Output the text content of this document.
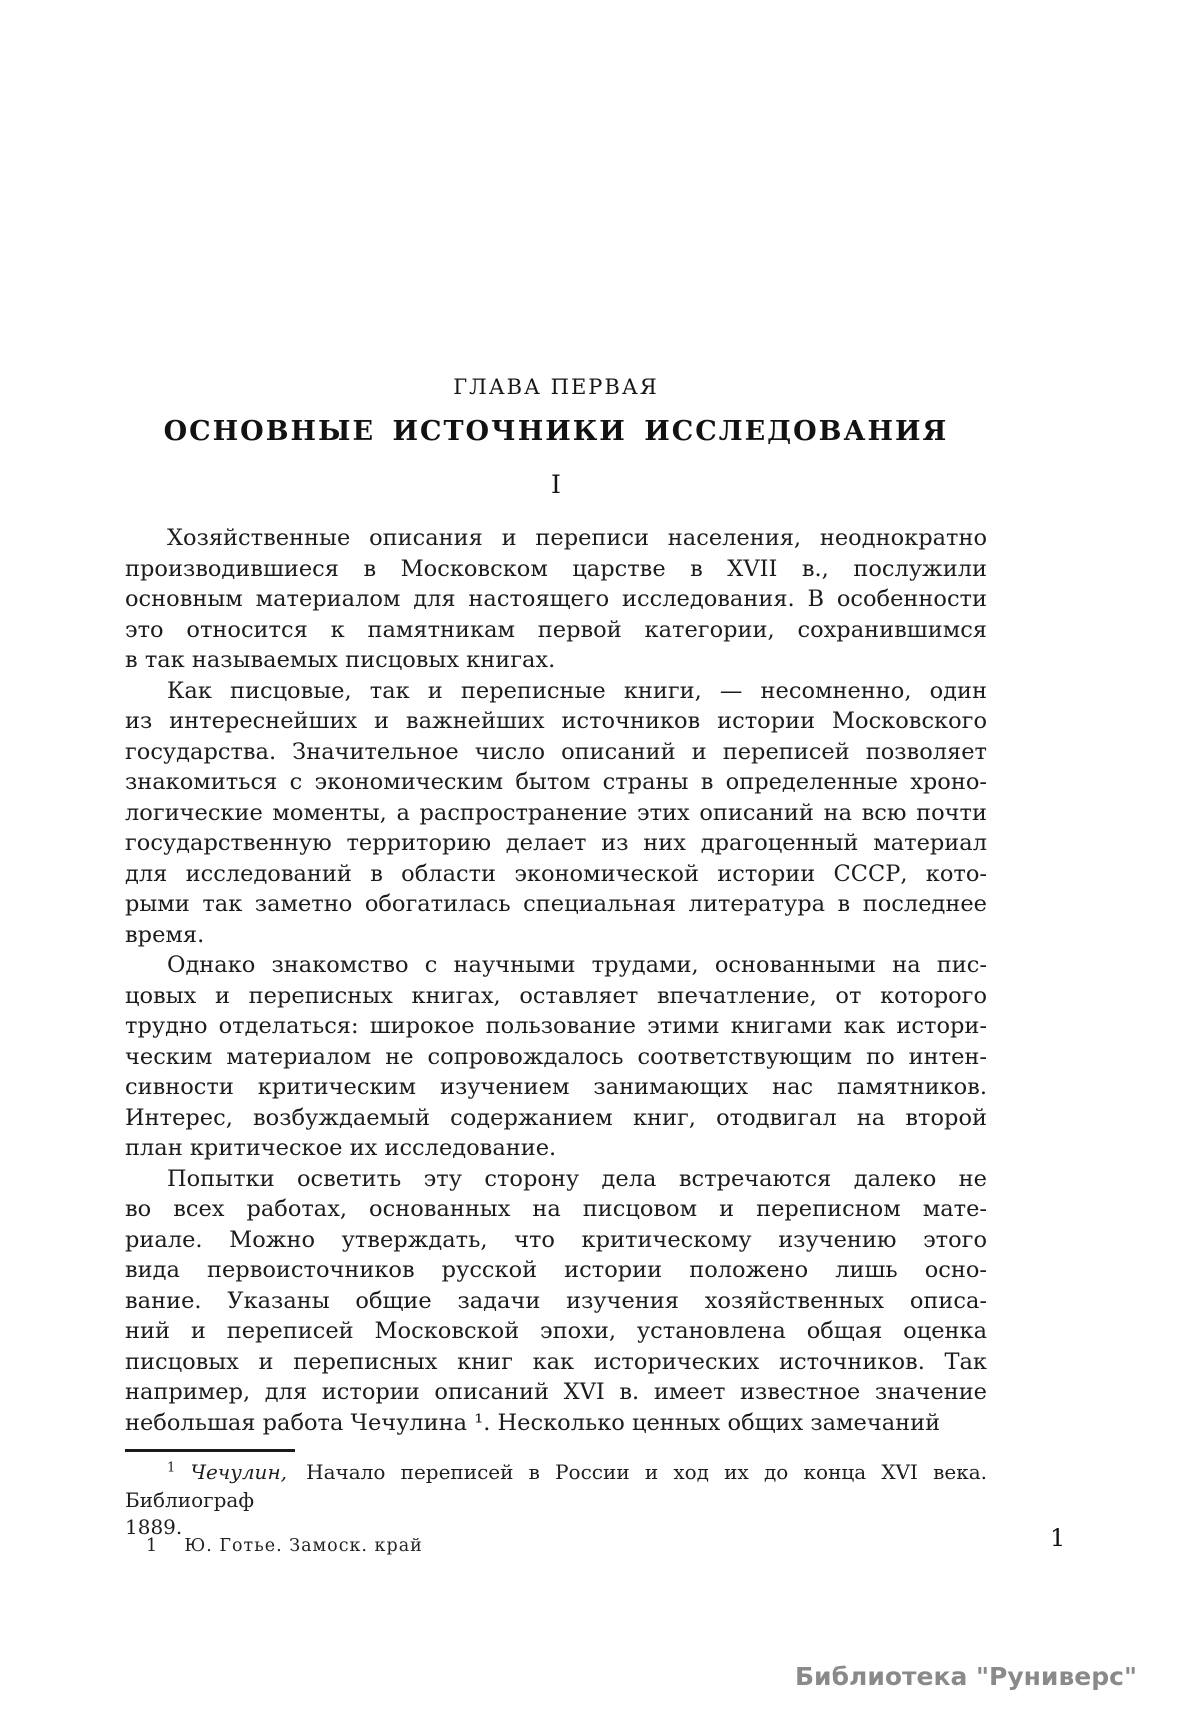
ГЛАВА ПЕРВАЯ
ОСНОВНЫЕ ИСТОЧНИКИ ИССЛЕДОВАНИЯ
I
Хозяйственные описания и переписи населения, неоднократно
производившиеся в Московском царстве в XVII в., послужили
основным материалом для настоящего исследования. В особенности
это относится к памятникам первой категории, сохранившимся
в так называемых писцовых книгах.
Как писцовые, так и переписные книги, — несомненно, один
из интереснейших и важнейших источников истории Московского
государства. Значительное число описаний и переписей позволяет
знакомиться с экономическим бытом страны в определенные хроно-
логические моменты, а распространение этих описаний на всю почти
государственную территорию делает из них драгоценный материал
для исследований в области экономической истории СССР, кото-
рыми так заметно обогатилась специальная литература в последнее
время.
Однако знакомство с научными трудами, основанными на пис-
цовых и переписных книгах, оставляет впечатление, от которого
трудно отделаться: широкое пользование этими книгами как истори-
ческим материалом не сопровождалось соответствующим по интен-
сивности критическим изучением занимающих нас памятников.
Интерес, возбуждаемый содержанием книг, отодвигал на второй
план критическое их исследование.
Попытки осветить эту сторону дела встречаются далеко не
во всех работах, основанных на писцовом и переписном мате-
риале. Можно утверждать, что критическому изучению этого
вида первоисточников русской истории положено лишь осно-
вание. Указаны общие задачи изучения хозяйственных описа-
ний и переписей Московской эпохи, установлена общая оценка
писцовых и переписных книг как исторических источников. Так
например, для истории описаний XVI в. имеет известное значение
небольшая работа Чечулина ¹. Несколько ценных общих замечаний
$^1$ Чечулин, Начало переписей в России и ход их до конца XVI века. Библиограф
1889.
1    Ю. Готье. Замоск. край	1
Библиотека "Руниверс"
